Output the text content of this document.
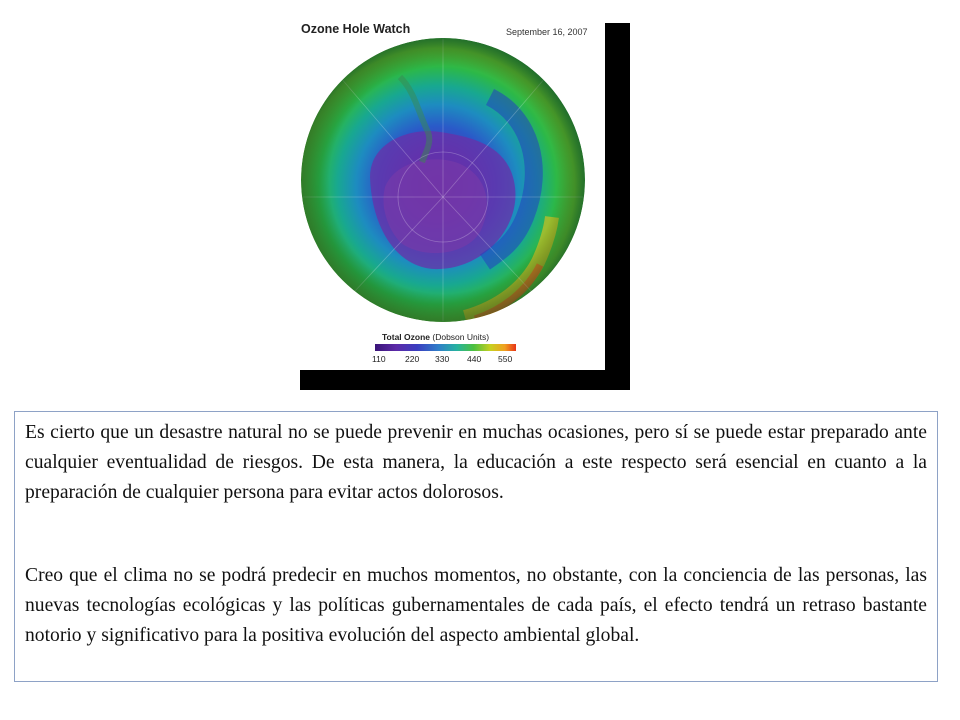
Ozone Hole Watch	September 16, 2007
Total Ozone (Dobson Units)
110 220 330 440 550

Es cierto que un desastre natural no se puede prevenir en muchas ocasiones, pero sí se puede estar preparado ante cualquier eventualidad de riesgos. De esta manera, la educación a este respecto será esencial en cuanto a la preparación de cualquier persona para evitar actos dolorosos.

Creo que el clima no se podrá predecir en muchos momentos, no obstante, con la conciencia de las personas, las nuevas tecnologías ecológicas y las políticas gubernamentales de cada país, el efecto tendrá un retraso bastante notorio y significativo para la positiva evolución del aspecto ambiental global.
